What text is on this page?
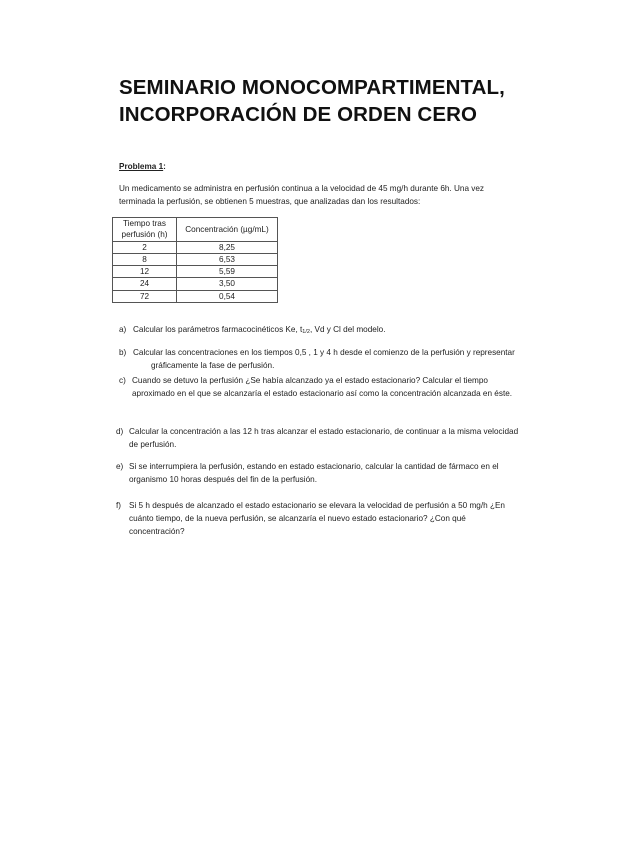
SEMINARIO MONOCOMPARTIMENTAL,
INCORPORACIÓN DE ORDEN CERO
Problema 1:
Un medicamento se administra en perfusión continua a la velocidad de 45 mg/h durante 6h. Una vez
terminada la perfusión, se obtienen 5 muestras, que analizadas dan los resultados:
Tiempo tras
perfusión (h)	Concentración (µg/mL)
2	8,25
8	6,53
12	5,59
24	3,50
72	0,54
a) Calcular los parámetros farmacocinéticos Ke, $t_{1/2}$, Vd y Cl del modelo.
b) Calcular las concentraciones en los tiempos 0,5 , 1 y 4 h desde el comienzo de la perfusión y representar
gráficamente la fase de perfusión.
c) Cuando se detuvo la perfusión ¿Se había alcanzado ya el estado estacionario? Calcular el tiempo
aproximado en el que se alcanzaría el estado estacionario así como la concentración alcanzada en éste.
d) Calcular la concentración a las 12 h tras alcanzar el estado estacionario, de continuar a la misma velocidad
de perfusión.
e) Si se interrumpiera la perfusión, estando en estado estacionario, calcular la cantidad de fármaco en el
organismo 10 horas después del fin de la perfusión.
f) Si 5 h después de alcanzado el estado estacionario se elevara la velocidad de perfusión a 50 mg/h ¿En
cuánto tiempo, de la nueva perfusión, se alcanzaría el nuevo estado estacionario? ¿Con qué
concentración?
